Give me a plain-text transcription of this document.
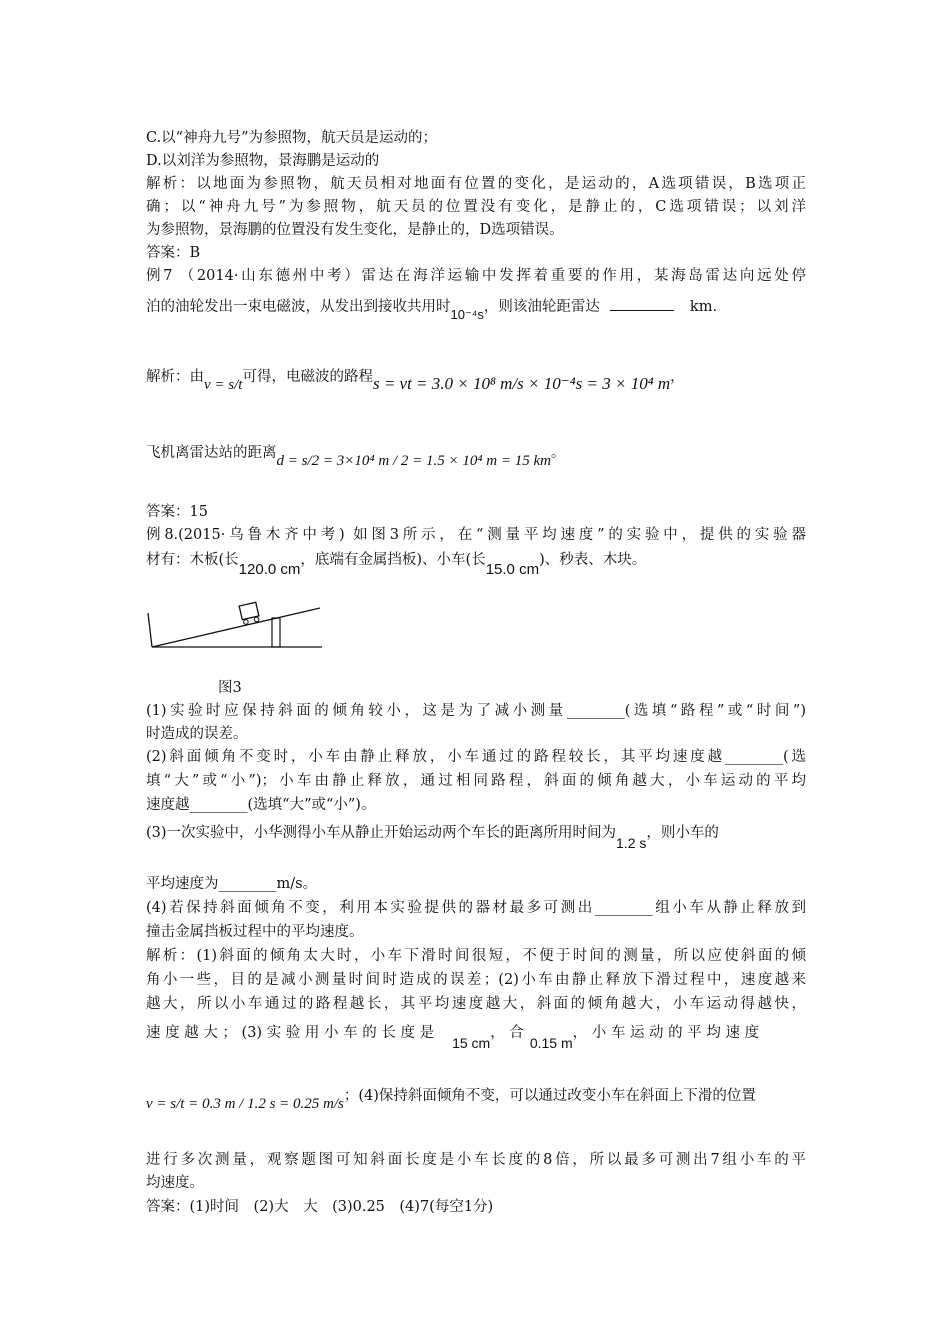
C.以“神舟九号”为参照物，航天员是运动的；
D.以刘洋为参照物，景海鹏是运动的
解析：以地面为参照物，航天员相对地面有位置的变化，是运动的，A选项错误，B选项正
确；以“神舟九号”为参照物，航天员的位置没有变化，是静止的，C选项错误；以刘洋
为参照物，景海鹏的位置没有发生变化，是静止的，D选项错误。
答案：B
例7 （2014·山东德州中考）雷达在海洋运输中发挥着重要的作用，某海岛雷达向远处停
泊的油轮发出一束电磁波，从发出到接收共用时10⁻⁴s，则该油轮距雷达	km.
解析：由v = s/t可得，电磁波的路程s = vt = 3.0 × 10⁸ m/s × 10⁻⁴s = 3 × 10⁴ m，
飞机离雷达站的距离d = s/2 = 3×10⁴ m / 2 = 1.5 × 10⁴ m = 15 km。
答案：15
例8.(2015·乌鲁木齐中考) 如图3所示，在“测量平均速度”的实验中，提供的实验器
材有：木板(长120.0 cm，底端有金属挡板)、小车(长15.0 cm)、秒表、木块。
图3
(1)实验时应保持斜面的倾角较小，这是为了减小测量________(选填“路程”或“时间”)
时造成的误差。
(2)斜面倾角不变时，小车由静止释放，小车通过的路程较长，其平均速度越________(选
填“大”或“小”)；小车由静止释放，通过相同路程，斜面的倾角越大，小车运动的平均
速度越________(选填“大”或“小”)。
(3)一次实验中，小华测得小车从静止开始运动两个车长的距离所用时间为1.2 s，则小车的
平均速度为________m/s。
(4)若保持斜面倾角不变，利用本实验提供的器材最多可测出________组小车从静止释放到
撞击金属挡板过程中的平均速度。
解析：(1)斜面的倾角太大时，小车下滑时间很短，不便于时间的测量，所以应使斜面的倾
角小一些，目的是减小测量时间时造成的误差；(2)小车由静止释放下滑过程中，速度越来
越大，所以小车通过的路程越长，其平均速度越大，斜面的倾角越大，小车运动得越快，
速 度 越 大 ； (3) 实 验 用 小 车 的 长 度 是15 cm， 合0.15 m， 小 车 运 动 的 平 均 速 度
v = s/t = 0.3 m / 1.2 s = 0.25 m/s；(4)保持斜面倾角不变，可以通过改变小车在斜面上下滑的位置
进行多次测量，观察题图可知斜面长度是小车长度的8倍，所以最多可测出7组小车的平
均速度。
答案：(1)时间　(2)大　大　(3)0.25　(4)7(每空1分)
